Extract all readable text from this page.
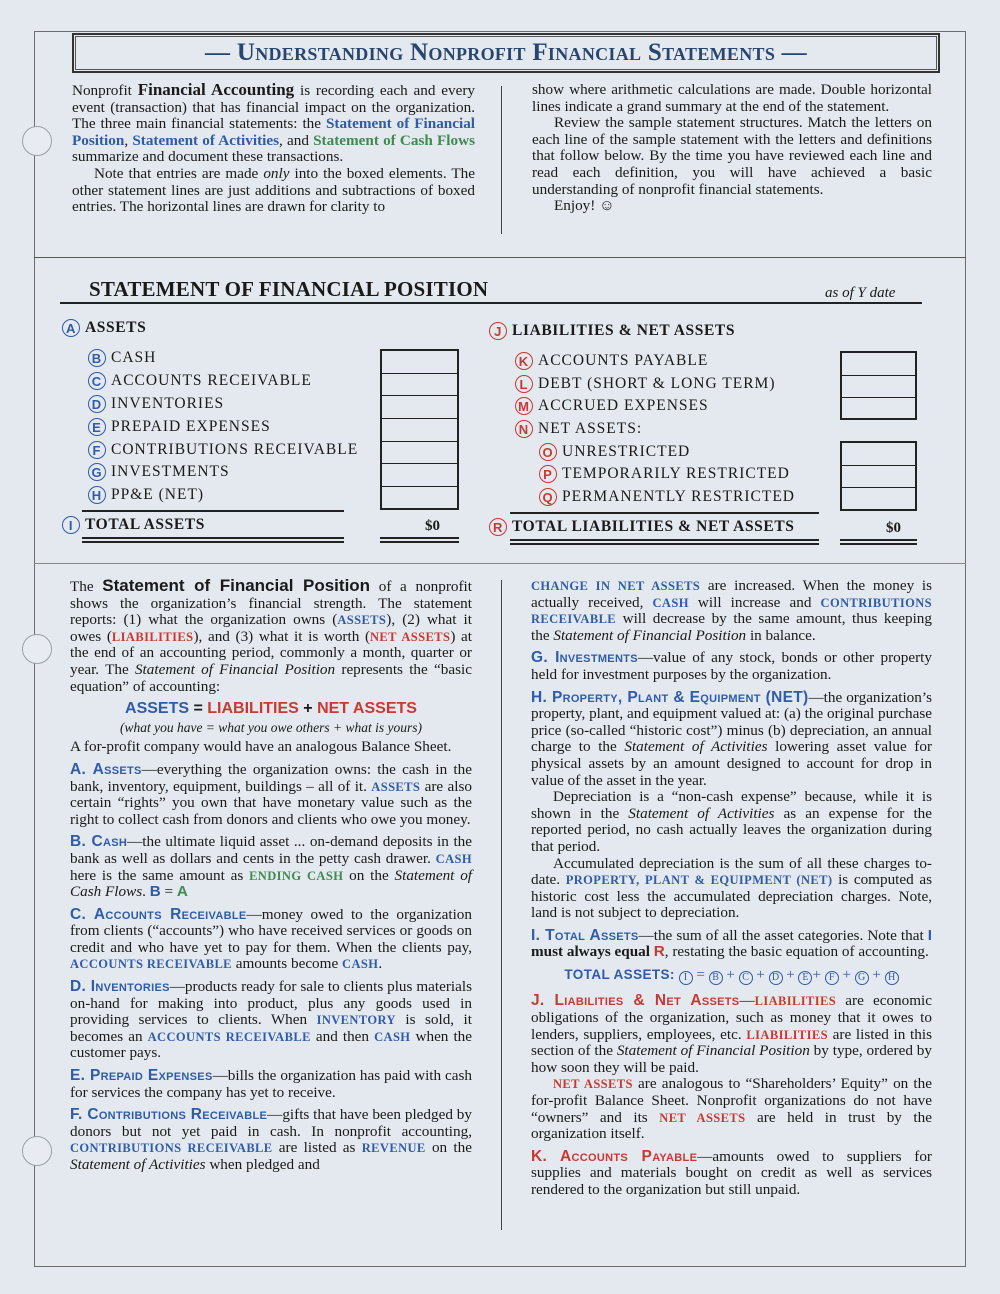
— Understanding Nonprofit Financial Statements —

Nonprofit Financial Accounting is recording each and every event (transaction) that has financial impact on the organization. The three main financial statements: the Statement of Financial Position, Statement of Activities, and Statement of Cash Flows summarize and document these transactions.

Note that entries are made only into the boxed elements. The other statement lines are just additions and subtractions of boxed entries. The horizontal lines are drawn for clarity to

show where arithmetic calculations are made. Double horizontal lines indicate a grand summary at the end of the statement.

Review the sample statement structures. Match the letters on each line of the sample statement with the letters and definitions that follow below. By the time you have reviewed each line and read each definition, you will have achieved a basic understanding of nonprofit financial statements.

Enjoy! ☺

STATEMENT OF FINANCIAL POSITION	as of Y date
A ASSETS
B CASH
C ACCOUNTS RECEIVABLE
D INVENTORIES
E PREPAID EXPENSES
F CONTRIBUTIONS RECEIVABLE
G INVESTMENTS
H PP&E (NET)
I TOTAL ASSETS	$0
J LIABILITIES & NET ASSETS
K ACCOUNTS PAYABLE
L DEBT (SHORT & LONG TERM)
M ACCRUED EXPENSES
N NET ASSETS:
O UNRESTRICTED
P TEMPORARILY RESTRICTED
Q PERMANENTLY RESTRICTED
R TOTAL LIABILITIES & NET ASSETS	$0

The Statement of Financial Position of a nonprofit shows the organization’s financial strength. The statement reports: (1) what the organization owns (ASSETS), (2) what it owes (LIABILITIES), and (3) what it is worth (NET ASSETS) at the end of an accounting period, commonly a month, quarter or year. The Statement of Financial Position represents the “basic equation” of accounting:

ASSETS = LIABILITIES + NET ASSETS
(what you have = what you owe others + what is yours)

A for-profit company would have an analogous Balance Sheet.

A. Assets—everything the organization owns: the cash in the bank, inventory, equipment, buildings – all of it. ASSETS are also certain “rights” you own that have monetary value such as the right to collect cash from donors and clients who owe you money.

B. Cash—the ultimate liquid asset ... on-demand deposits in the bank as well as dollars and cents in the petty cash drawer. CASH here is the same amount as ENDING CASH on the Statement of Cash Flows. B = A

C. Accounts Receivable—money owed to the organization from clients (“accounts”) who have received services or goods on credit and who have yet to pay for them. When the clients pay, ACCOUNTS RECEIVABLE amounts become CASH.

D. Inventories—products ready for sale to clients plus materials on-hand for making into product, plus any goods used in providing services to clients. When INVENTORY is sold, it becomes an ACCOUNTS RECEIVABLE and then CASH when the customer pays.

E. Prepaid Expenses—bills the organization has paid with cash for services the company has yet to receive.

F. Contributions Receivable—gifts that have been pledged by donors but not yet paid in cash. In nonprofit accounting, CONTRIBUTIONS RECEIVABLE are listed as REVENUE on the Statement of Activities when pledged and

CHANGE IN NET ASSETS are increased. When the money is actually received, CASH will increase and CONTRIBUTIONS RECEIVABLE will decrease by the same amount, thus keeping the Statement of Financial Position in balance.

G. Investments—value of any stock, bonds or other property held for investment purposes by the organization.

H. Property, Plant & Equipment (NET)—the organization’s property, plant, and equipment valued at: (a) the original purchase price (so-called “historic cost”) minus (b) depreciation, an annual charge to the Statement of Activities lowering asset value for physical assets by an amount designed to account for drop in value of the asset in the year.

Depreciation is a “non-cash expense” because, while it is shown in the Statement of Activities as an expense for the reported period, no cash actually leaves the organization during that period.

Accumulated depreciation is the sum of all these charges to-date. PROPERTY, PLANT & EQUIPMENT (NET) is computed as historic cost less the accumulated depreciation charges. Note, land is not subject to depreciation.

I. Total Assets—the sum of all the asset categories. Note that I must always equal R, restating the basic equation of accounting.

TOTAL ASSETS: I = B + C + D + E + F + G + H

J. Liabilities & Net Assets—LIABILITIES are economic obligations of the organization, such as money that it owes to lenders, suppliers, employees, etc. LIABILITIES are listed in this section of the Statement of Financial Position by type, ordered by how soon they will be paid.

NET ASSETS are analogous to “Shareholders’ Equity” on the for-profit Balance Sheet. Nonprofit organizations do not have “owners” and its NET ASSETS are held in trust by the organization itself.

K. Accounts Payable—amounts owed to suppliers for supplies and materials bought on credit as well as services rendered to the organization but still unpaid.
